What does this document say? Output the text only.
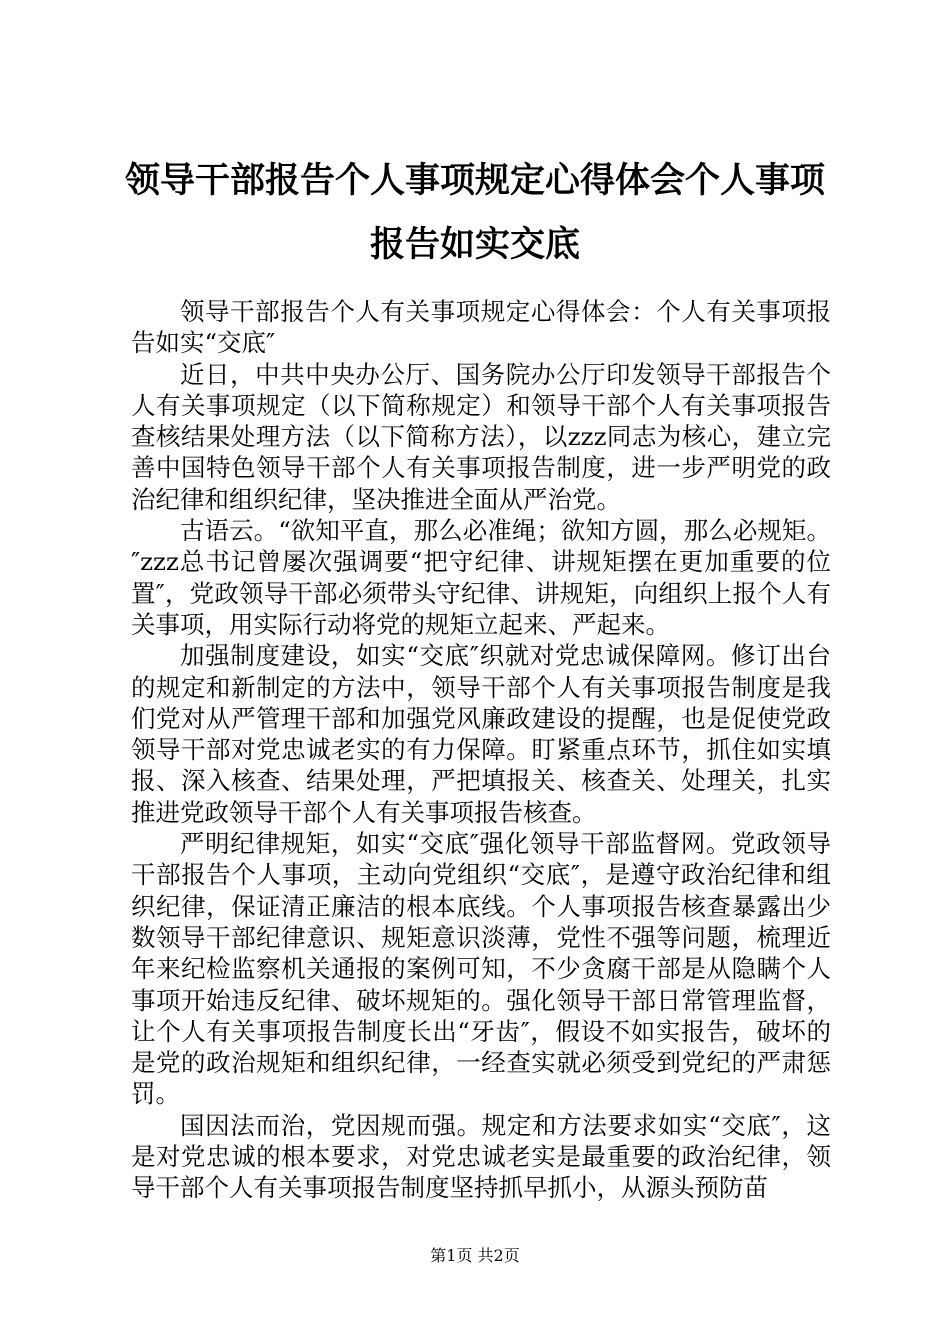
领导干部报告个人事项规定心得体会个人事项
报告如实交底

领导干部报告个人有关事项规定心得体会：个人有关事项报告如实“交底″

近日，中共中央办公厅、国务院办公厅印发领导干部报告个人有关事项规定（以下简称规定）和领导干部个人有关事项报告查核结果处理方法（以下简称方法），以zzz同志为核心，建立完善中国特色领导干部个人有关事项报告制度，进一步严明党的政治纪律和组织纪律，坚决推进全面从严治党。

古语云。“欲知平直，那么必准绳；欲知方圆，那么必规矩。″zzz总书记曾屡次强调要“把守纪律、讲规矩摆在更加重要的位置″，党政领导干部必须带头守纪律、讲规矩，向组织上报个人有关事项，用实际行动将党的规矩立起来、严起来。

加强制度建设，如实“交底″织就对党忠诚保障网。修订出台的规定和新制定的方法中，领导干部个人有关事项报告制度是我们党对从严管理干部和加强党风廉政建设的提醒，也是促使党政领导干部对党忠诚老实的有力保障。盯紧重点环节，抓住如实填报、深入核查、结果处理，严把填报关、核查关、处理关，扎实推进党政领导干部个人有关事项报告核查。

严明纪律规矩，如实“交底″强化领导干部监督网。党政领导干部报告个人事项，主动向党组织“交底″，是遵守政治纪律和组织纪律，保证清正廉洁的根本底线。个人事项报告核查暴露出少数领导干部纪律意识、规矩意识淡薄，党性不强等问题，梳理近年来纪检监察机关通报的案例可知，不少贪腐干部是从隐瞒个人事项开始违反纪律、破坏规矩的。强化领导干部日常管理监督，让个人有关事项报告制度长出“牙齿″，假设不如实报告，破坏的是党的政治规矩和组织纪律，一经查实就必须受到党纪的严肃惩罚。

国因法而治，党因规而强。规定和方法要求如实“交底″，这是对党忠诚的根本要求，对党忠诚老实是最重要的政治纪律，领导干部个人有关事项报告制度坚持抓早抓小，从源头预防苗

第1页 共2页
